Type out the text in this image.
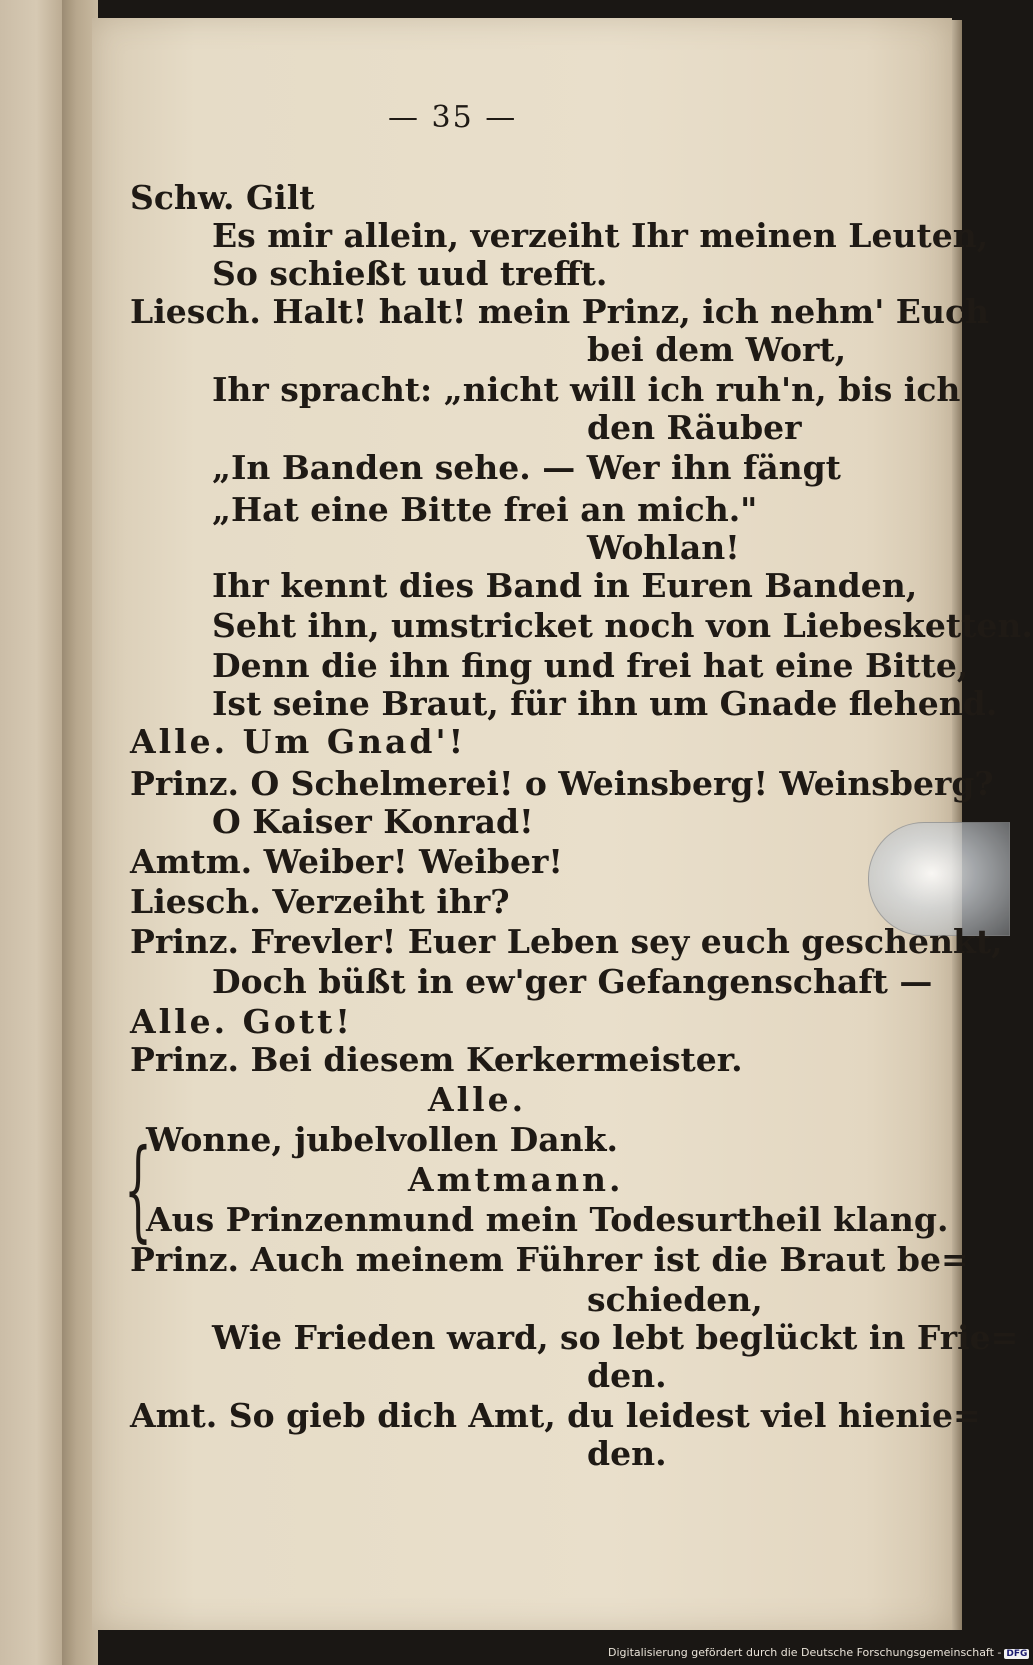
— 35 —
Schw. Gilt
Es mir allein, verzeiht Ihr meinen Leuten,
So schießt uud trefft.
Liesch. Halt! halt! mein Prinz, ich nehm' Euch
bei dem Wort,
Ihr spracht: „nicht will ich ruh'n, bis ich
den Räuber
„In Banden sehe. — Wer ihn fängt
„Hat eine Bitte frei an mich."
Wohlan!
Ihr kennt dies Band in Euren Banden,
Seht ihn, umstricket noch von Liebesketten.
Denn die ihn fing und frei hat eine Bitte,
Ist seine Braut, für ihn um Gnade flehend.
Alle. Um Gnad'!
Prinz. O Schelmerei! o Weinsberg! Weinsberg?
O Kaiser Konrad!
Amtm. Weiber! Weiber!
Liesch. Verzeiht ihr?
Prinz. Frevler! Euer Leben sey euch geschenkt,
Doch büßt in ew'ger Gefangenschaft —
Alle. Gott!
Prinz. Bei diesem Kerkermeister.
Alle.
Wonne, jubelvollen Dank.
Amtmann.
Aus Prinzenmund mein Todesurtheil klang.
Prinz. Auch meinem Führer ist die Braut be=
schieden,
Wie Frieden ward, so lebt beglückt in Frie=
den.
Amt. So gieb dich Amt, du leidest viel hienie=
den.
{
Digitalisierung gefördert durch die Deutsche Forschungsgemeinschaft - DFG
